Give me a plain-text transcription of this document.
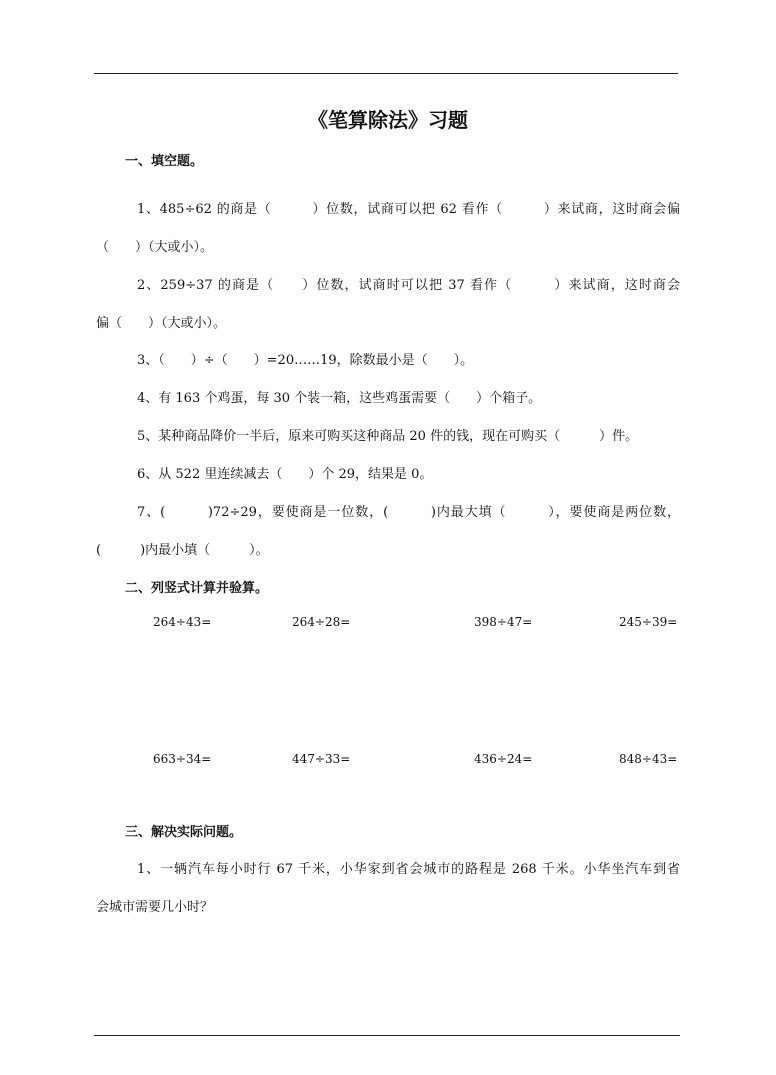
《笔算除法》习题
一、填空题。
1、485÷62 的商是（　　　）位数，试商可以把 62 看作（　　　）来试商，这时商会偏
（　　）（大或小）。
2、259÷37 的商是（　　）位数，试商时可以把 37 看作（　　　）来试商，这时商会
偏（　　）（大或小）。
3、（　　）÷（　　）=20……19，除数最小是（　　）。
4、有 163 个鸡蛋，每 30 个装一箱，这些鸡蛋需要（　　）个箱子。
5、某种商品降价一半后，原来可购买这种商品 20 件的钱，现在可购买（　　　）件。
6、从 522 里连续减去（　　）个 29，结果是 0。
7、(　　　)72÷29，要使商是一位数，(　　　)内最大填（　　　），要使商是两位数，
(　　　)内最小填（　　　）。
二、列竖式计算并验算。
264÷43=	264÷28=	398÷47=	245÷39=
663÷34=	447÷33=	436÷24=	848÷43=
三、解决实际问题。
1、一辆汽车每小时行 67 千米，小华家到省会城市的路程是 268 千米。小华坐汽车到省
会城市需要几小时？
